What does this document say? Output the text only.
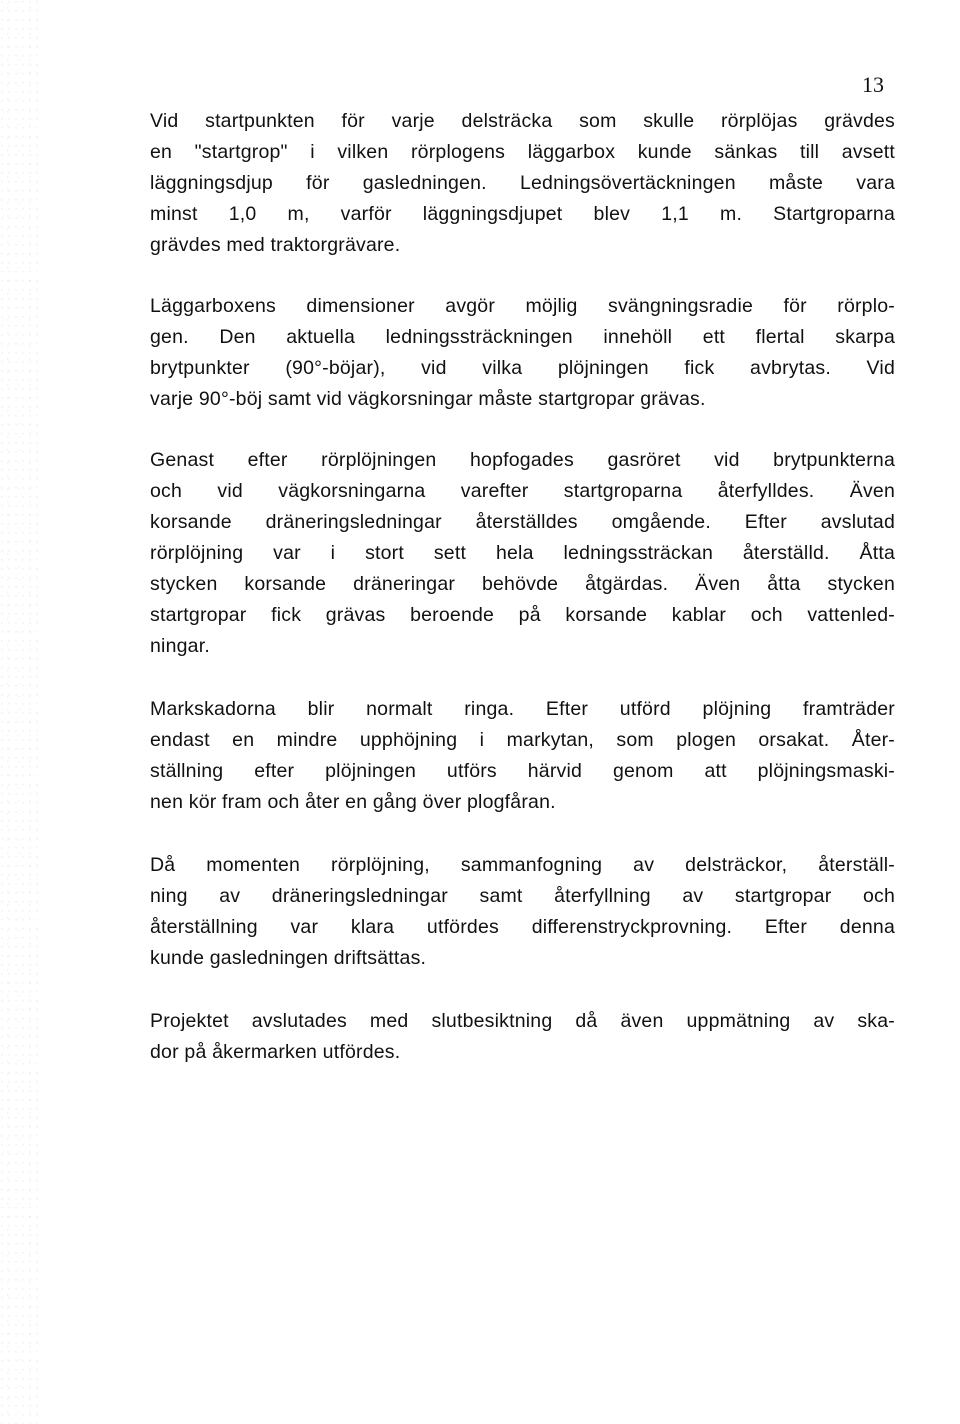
13

Vid startpunkten för varje delsträcka som skulle rörplöjas grävdes
en "startgrop" i vilken rörplogens läggarbox kunde sänkas till avsett
läggningsdjup för gasledningen. Ledningsövertäckningen måste vara
minst 1,0 m, varför läggningsdjupet blev 1,1 m. Startgroparna
grävdes med traktorgrävare.

Läggarboxens dimensioner avgör möjlig svängningsradie för rörplo-
gen. Den aktuella ledningssträckningen innehöll ett flertal skarpa
brytpunkter (90°-böjar), vid vilka plöjningen fick avbrytas. Vid
varje 90°-böj samt vid vägkorsningar måste startgropar grävas.

Genast efter rörplöjningen hopfogades gasröret vid brytpunkterna
och vid vägkorsningarna varefter startgroparna återfylldes. Även
korsande dräneringsledningar återställdes omgående. Efter avslutad
rörplöjning var i stort sett hela ledningssträckan återställd. Åtta
stycken korsande dräneringar behövde åtgärdas. Även åtta stycken
startgropar fick grävas beroende på korsande kablar och vattenled-
ningar.

Markskadorna blir normalt ringa. Efter utförd plöjning framträder
endast en mindre upphöjning i markytan, som plogen orsakat. Åter-
ställning efter plöjningen utförs härvid genom att plöjningsmaski-
nen kör fram och åter en gång över plogfåran.

Då momenten rörplöjning, sammanfogning av delsträckor, återställ-
ning av dräneringsledningar samt återfyllning av startgropar och
återställning var klara utfördes differenstryckprovning. Efter denna
kunde gasledningen driftsättas.

Projektet avslutades med slutbesiktning då även uppmätning av ska-
dor på åkermarken utfördes.
